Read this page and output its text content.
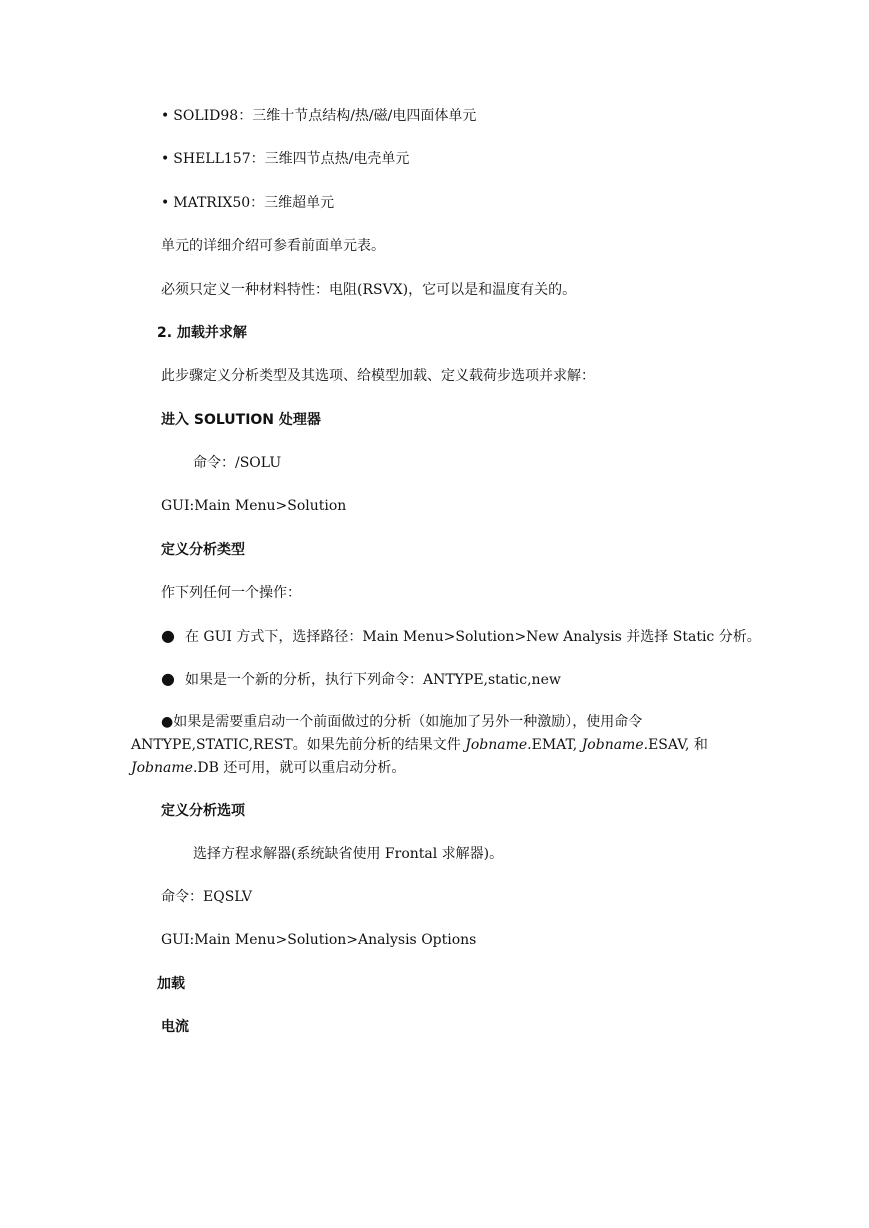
• SOLID98：三维十节点结构/热/磁/电四面体单元
• SHELL157：三维四节点热/电壳单元
• MATRIX50：三维超单元
单元的详细介绍可参看前面单元表。
必须只定义一种材料特性：电阻(RSVX)，它可以是和温度有关的。
2. 加载并求解
此步骤定义分析类型及其选项、给模型加载、定义载荷步选项并求解：
进入 SOLUTION 处理器
命令：/SOLU
GUI:Main Menu>Solution
定义分析类型
作下列任何一个操作：
● 在 GUI 方式下，选择路径：Main Menu>Solution>New Analysis 并选择 Static 分析。
● 如果是一个新的分析，执行下列命令：ANTYPE,static,new
●如果是需要重启动一个前面做过的分析（如施加了另外一种激励），使用命令
ANTYPE,STATIC,REST。如果先前分析的结果文件 Jobname.EMAT, Jobname.ESAV, 和
Jobname.DB 还可用，就可以重启动分析。
定义分析选项
选择方程求解器(系统缺省使用 Frontal 求解器)。
命令：EQSLV
GUI:Main Menu>Solution>Analysis Options
加载
电流
